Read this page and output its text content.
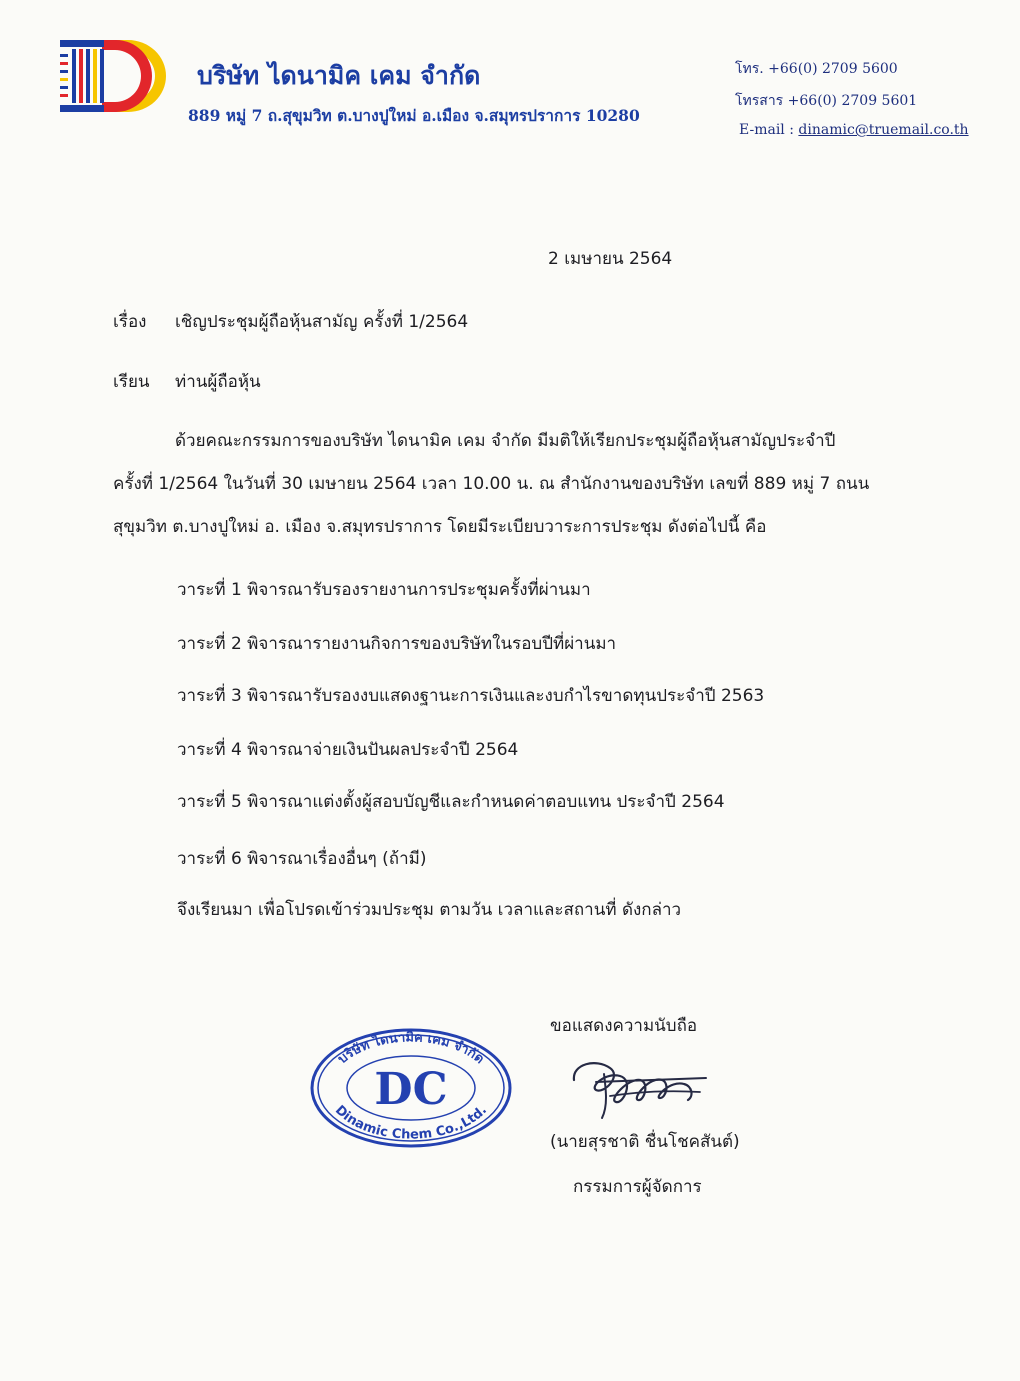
บริษัท ไดนามิค เคม จำกัด
889 หมู่ 7 ถ.สุขุมวิท ต.บางปูใหม่ อ.เมือง จ.สมุทรปราการ 10280
โทร. +66(0) 2709 5600
โทรสาร +66(0) 2709 5601
E-mail : dinamic@truemail.co.th
2 เมษายน 2564
เรื่อง เชิญประชุมผู้ถือหุ้นสามัญ ครั้งที่ 1/2564
เรียน ท่านผู้ถือหุ้น
ด้วยคณะกรรมการของบริษัท ไดนามิค เคม จำกัด มีมติให้เรียกประชุมผู้ถือหุ้นสามัญประจำปี
ครั้งที่ 1/2564 ในวันที่ 30 เมษายน 2564 เวลา 10.00 น. ณ สำนักงานของบริษัท เลขที่ 889 หมู่ 7 ถนน
สุขุมวิท ต.บางปูใหม่ อ. เมือง จ.สมุทรปราการ โดยมีระเบียบวาระการประชุม ดังต่อไปนี้ คือ
วาระที่ 1 พิจารณารับรองรายงานการประชุมครั้งที่ผ่านมา
วาระที่ 2 พิจารณารายงานกิจการของบริษัทในรอบปีที่ผ่านมา
วาระที่ 3 พิจารณารับรองงบแสดงฐานะการเงินและงบกำไรขาดทุนประจำปี 2563
วาระที่ 4 พิจารณาจ่ายเงินปันผลประจำปี 2564
วาระที่ 5 พิจารณาแต่งตั้งผู้สอบบัญชีและกำหนดค่าตอบแทน ประจำปี 2564
วาระที่ 6 พิจารณาเรื่องอื่นๆ (ถ้ามี)
จึงเรียนมา เพื่อโปรดเข้าร่วมประชุม ตามวัน เวลาและสถานที่ ดังกล่าว
ขอแสดงความนับถือ
บริษัท ไดนามิค เคม จำกัด
DC
Dinamic Chem Co.,Ltd.
(นายสุรชาติ ชื่นโชคสันต์)
กรรมการผู้จัดการ
